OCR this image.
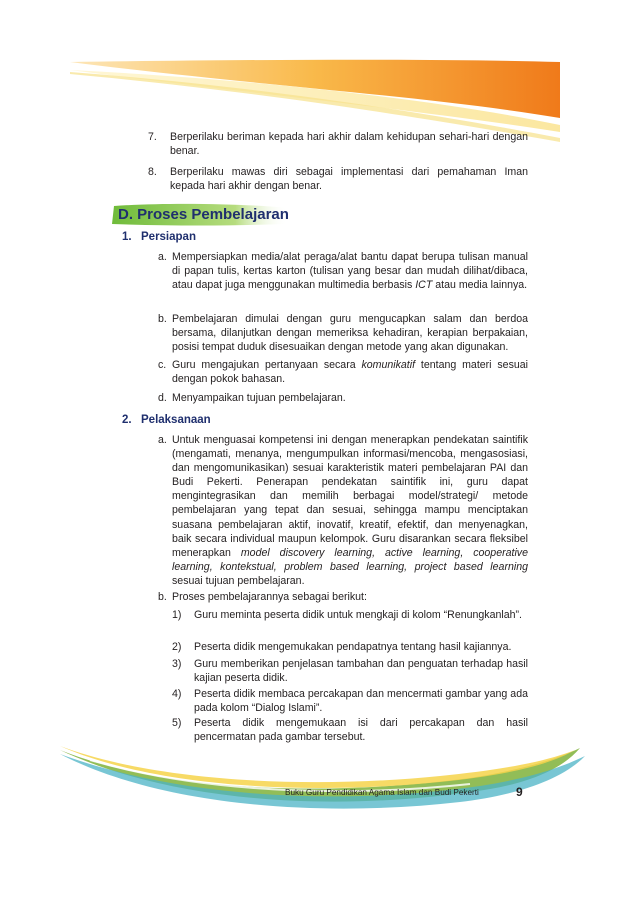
7. Berperilaku beriman kepada hari akhir dalam kehidupan sehari-hari dengan benar.
8. Berperilaku mawas diri sebagai implementasi dari pemahaman Iman kepada hari akhir dengan benar.
D. Proses Pembelajaran
1. Persiapan
a. Mempersiapkan media/alat peraga/alat bantu dapat berupa tulisan manual di papan tulis, kertas karton (tulisan yang besar dan mudah dilihat/dibaca, atau dapat juga menggunakan multimedia berbasis ICT atau media lainnya.
b. Pembelajaran dimulai dengan guru mengucapkan salam dan berdoa bersama, dilanjutkan dengan memeriksa kehadiran, kerapian berpakaian, posisi tempat duduk disesuaikan dengan metode yang akan digunakan.
c. Guru mengajukan pertanyaan secara komunikatif tentang materi sesuai dengan pokok bahasan.
d. Menyampaikan tujuan pembelajaran.
2. Pelaksanaan
a. Untuk menguasai kompetensi ini dengan menerapkan pendekatan saintifik (mengamati, menanya, mengumpulkan informasi/mencoba, mengasosiasi, dan mengomunikasikan) sesuai karakteristik materi pembelajaran PAI dan Budi Pekerti. Penerapan pendekatan saintifik ini, guru dapat mengintegrasikan dan memilih berbagai model/strategi/ metode pembelajaran yang tepat dan sesuai, sehingga mampu menciptakan suasana pembelajaran aktif, inovatif, kreatif, efektif, dan menyenagkan, baik secara individual maupun kelompok. Guru disarankan secara fleksibel menerapkan model discovery learning, active learning, cooperative learning, kontekstual, problem based learning, project based learning sesuai tujuan pembelajaran.
b. Proses pembelajarannya sebagai berikut:
1) Guru meminta peserta didik untuk mengkaji di kolom “Renungkanlah”.
2) Peserta didik mengemukakan pendapatnya tentang hasil kajiannya.
3) Guru memberikan penjelasan tambahan dan penguatan terhadap hasil kajian peserta didik.
4) Peserta didik membaca percakapan dan mencermati gambar yang ada pada kolom “Dialog Islami”.
5) Peserta didik mengemukaan isi dari percakapan dan hasil pencermatan pada gambar tersebut.
Buku Guru Pendidikan Agama Islam dan Budi Pekerti	9
